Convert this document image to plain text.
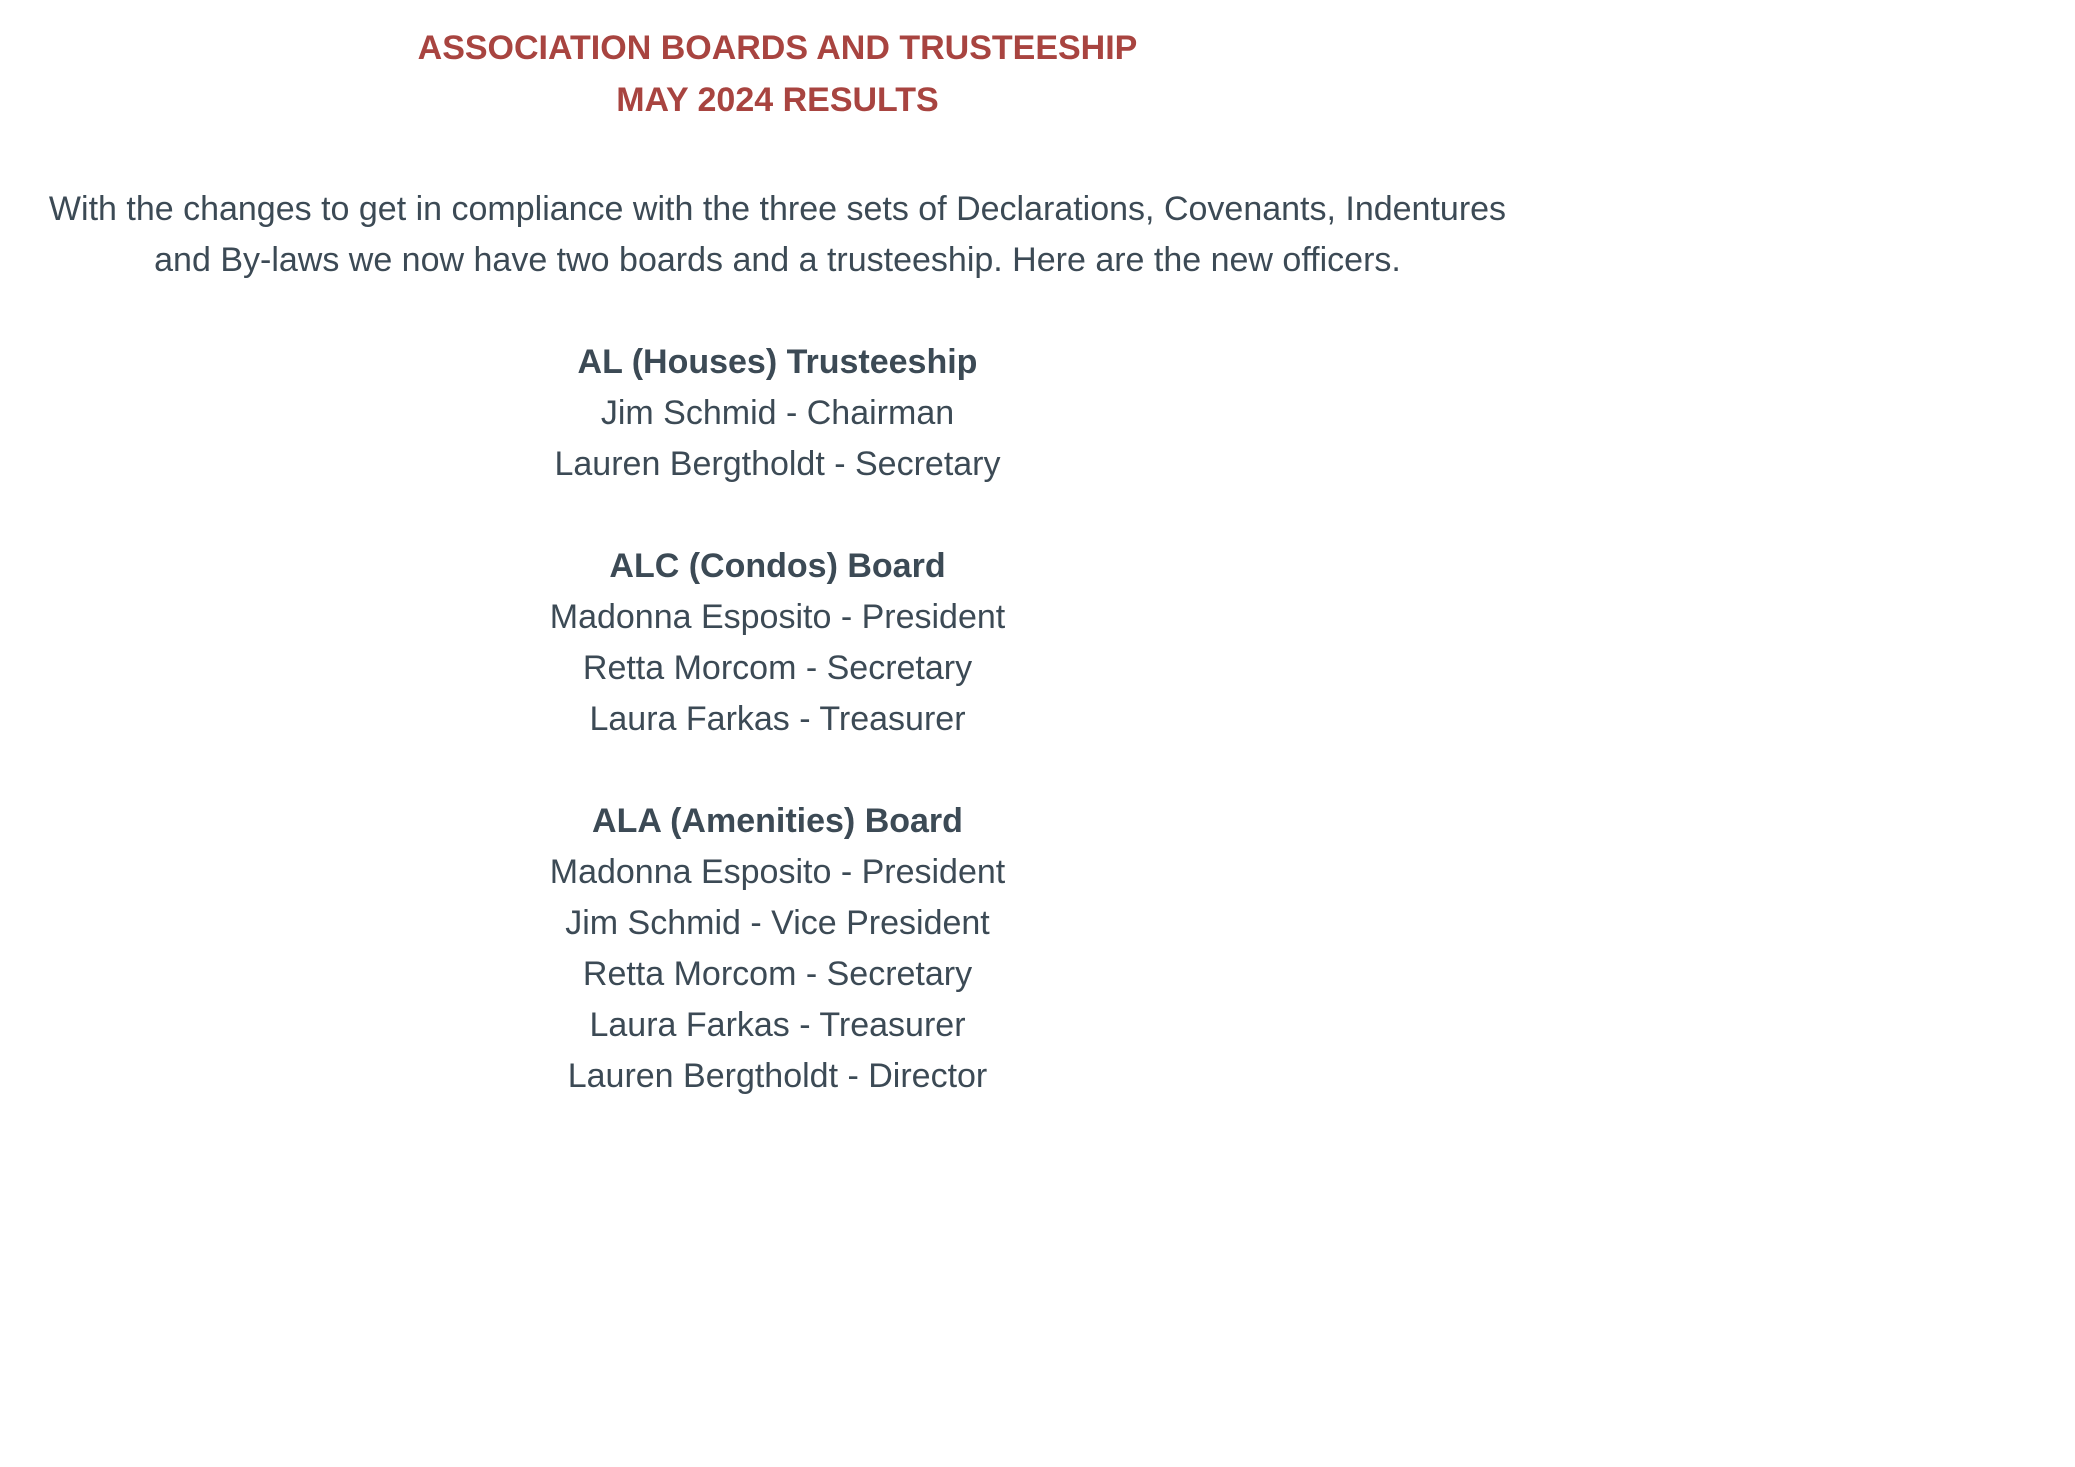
ASSOCIATION BOARDS AND TRUSTEESHIP
MAY 2024 RESULTS

With the changes to get in compliance with the three sets of Declarations, Covenants, Indentures
and By-laws we now have two boards and a trusteeship. Here are the new officers.

AL (Houses) Trusteeship

Jim Schmid - Chairman

Lauren Bergtholdt - Secretary

ALC (Condos) Board

Madonna Esposito - President

Retta Morcom - Secretary

Laura Farkas - Treasurer

ALA (Amenities) Board

Madonna Esposito - President

Jim Schmid - Vice President

Retta Morcom - Secretary

Laura Farkas - Treasurer

Lauren Bergtholdt - Director
